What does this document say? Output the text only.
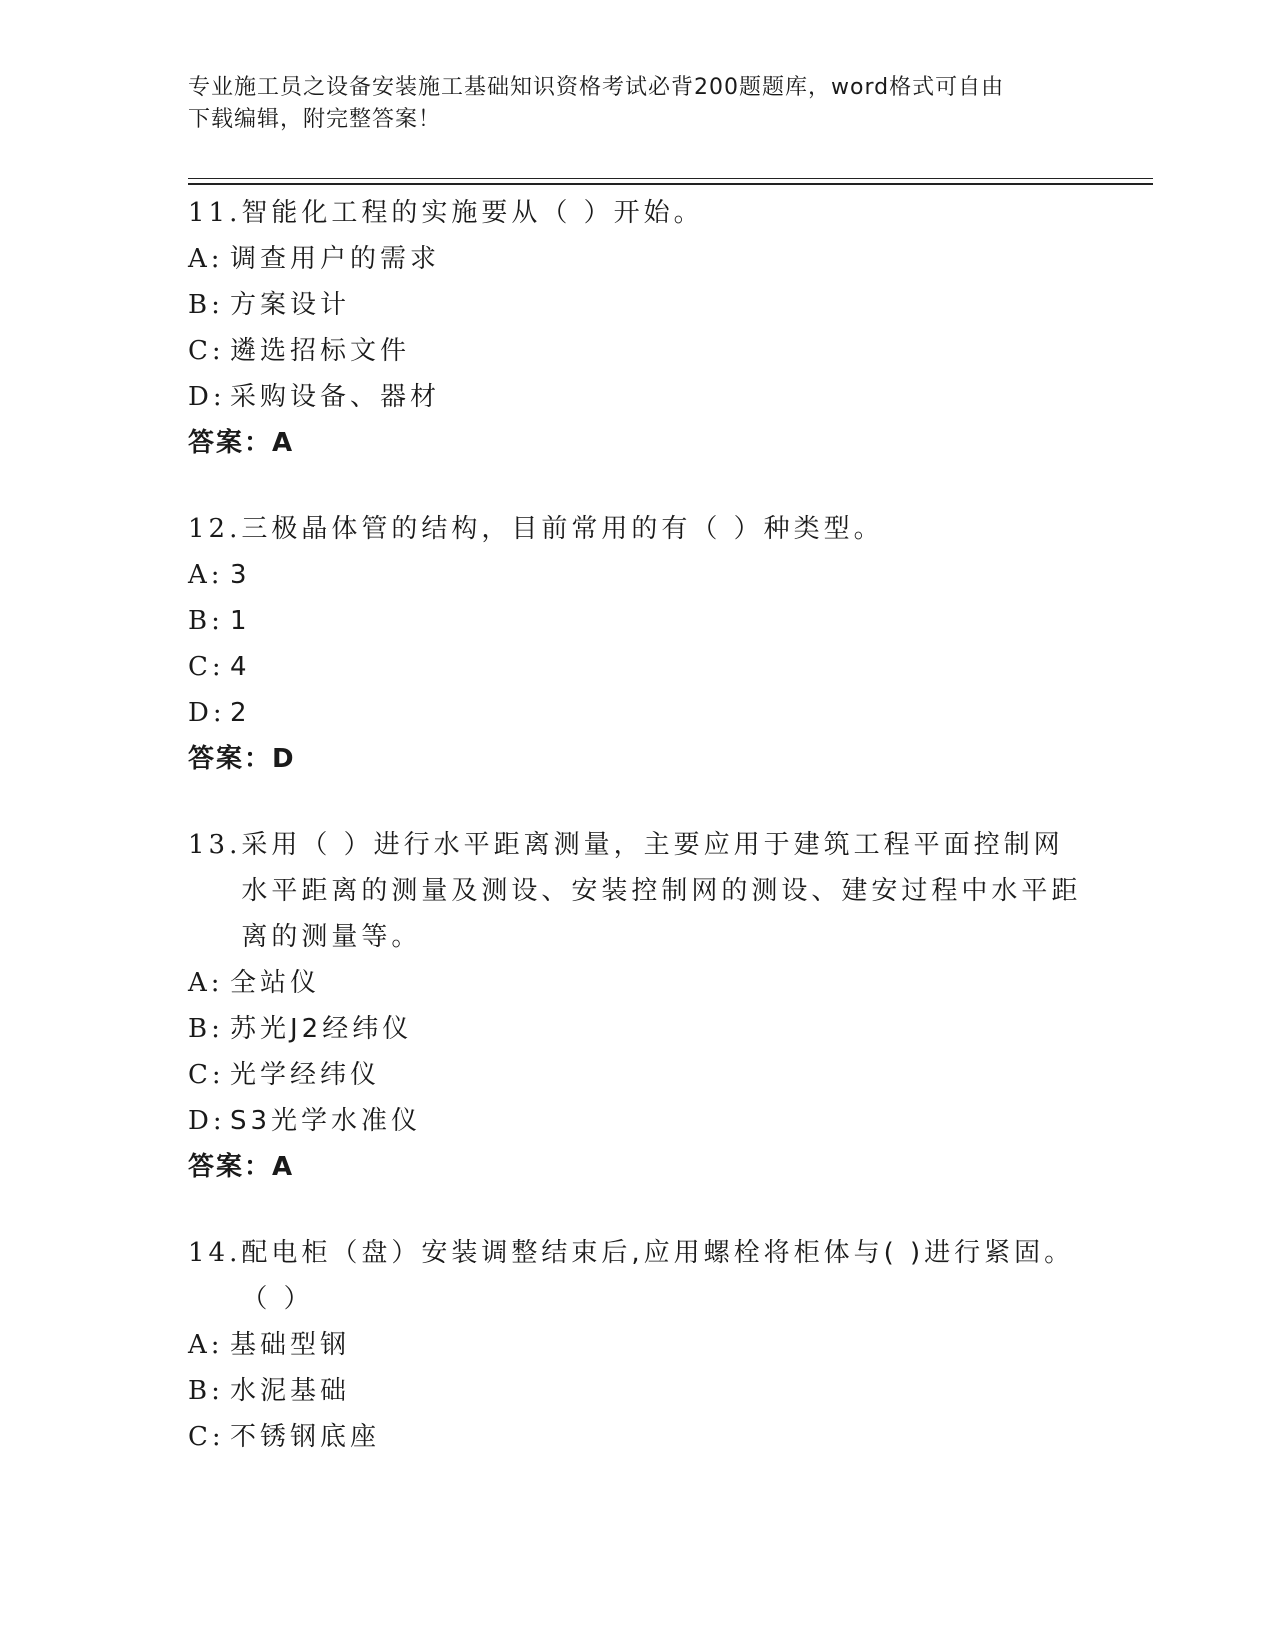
专业施工员之设备安装施工基础知识资格考试必背200题题库，word格式可自由
下载编辑，附完整答案！
11. 智能化工程的实施要从（ ）开始。
A: 调查用户的需求
B: 方案设计
C: 遴选招标文件
D: 采购设备、器材
答案：A
12. 三极晶体管的结构，目前常用的有（ ）种类型。
A: 3
B: 1
C: 4
D: 2
答案：D
13. 采用（ ）进行水平距离测量，主要应用于建筑工程平面控制网水平距离的测量及测设、安装控制网的测设、建安过程中水平距离的测量等。
A: 全站仪
B: 苏光J2经纬仪
C: 光学经纬仪
D: S3光学水准仪
答案：A
14. 配电柜（盘）安装调整结束后,应用螺栓将柜体与( )进行紧固。（ ）
A: 基础型钢
B: 水泥基础
C: 不锈钢底座
